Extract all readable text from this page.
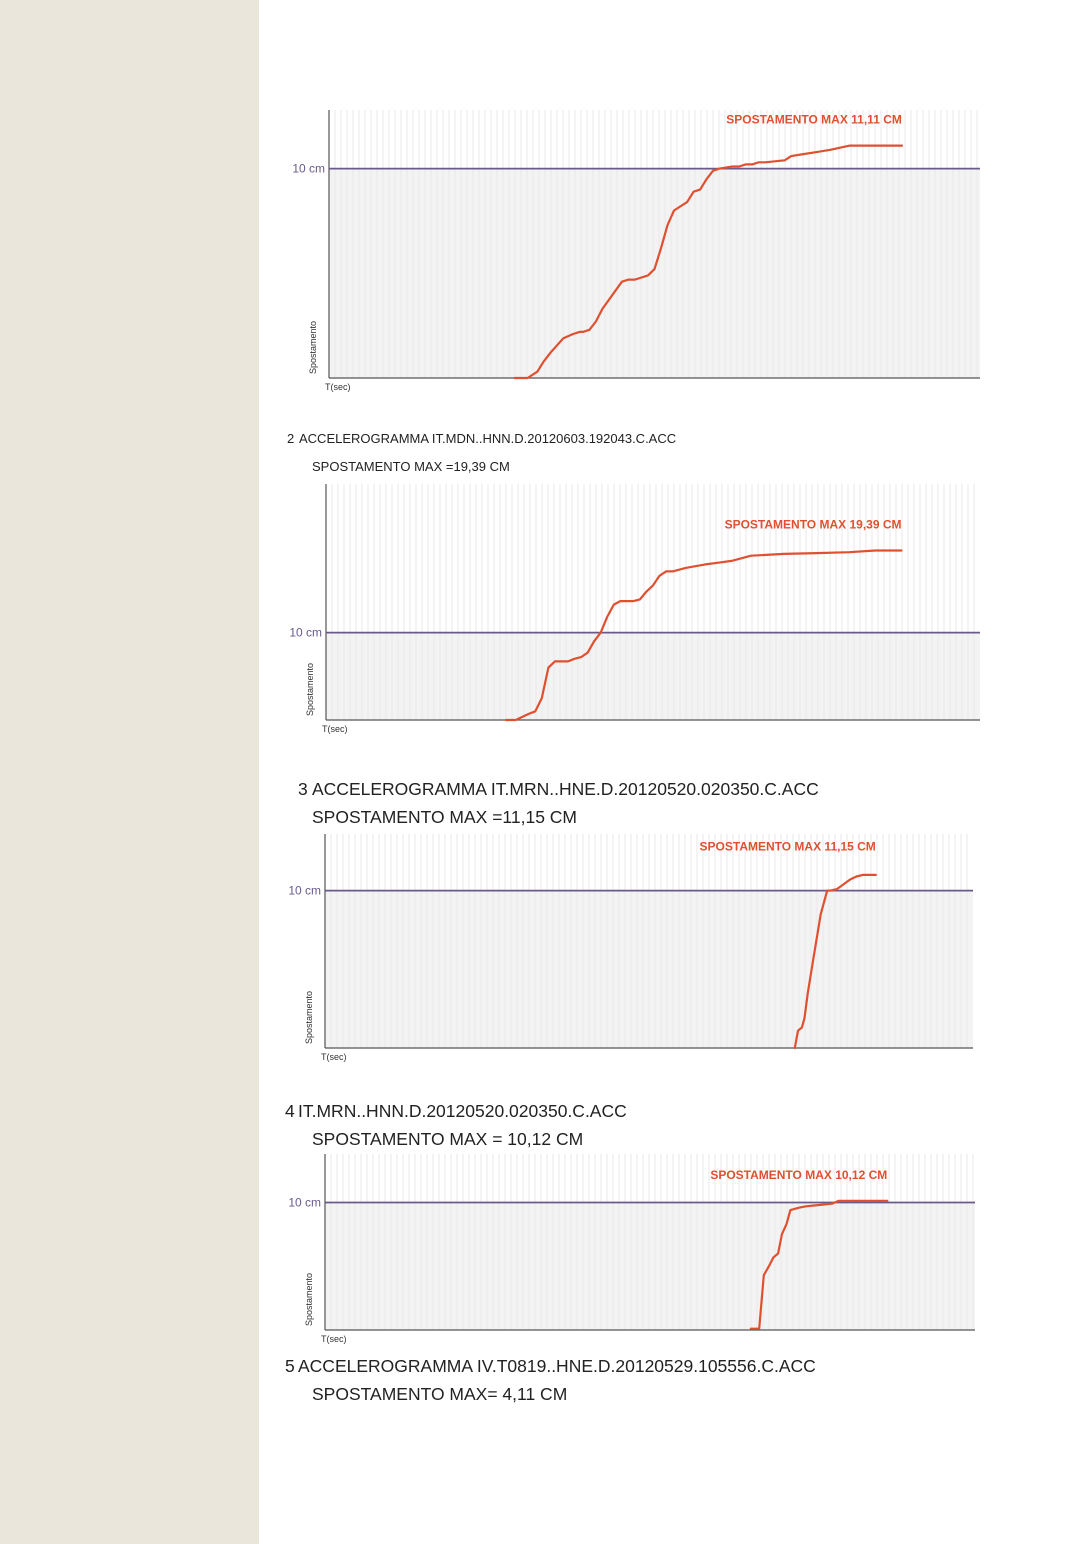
10 cm
Spostamento
T(sec)
SPOSTAMENTO MAX 11,11 CM
2 ACCELEROGRAMMA IT.MDN..HNN.D.20120603.192043.C.ACC
SPOSTAMENTO MAX =19,39 CM
10 cm
Spostamento
T(sec)
SPOSTAMENTO MAX 19,39 CM
3 ACCELEROGRAMMA IT.MRN..HNE.D.20120520.020350.C.ACC
SPOSTAMENTO MAX =11,15 CM
10 cm
Spostamento
T(sec)
SPOSTAMENTO MAX 11,15 CM
4 IT.MRN..HNN.D.20120520.020350.C.ACC
SPOSTAMENTO MAX = 10,12 CM
10 cm
Spostamento
T(sec)
SPOSTAMENTO MAX 10,12 CM
5 ACCELEROGRAMMA IV.T0819..HNE.D.20120529.105556.C.ACC
SPOSTAMENTO MAX= 4,11 CM
